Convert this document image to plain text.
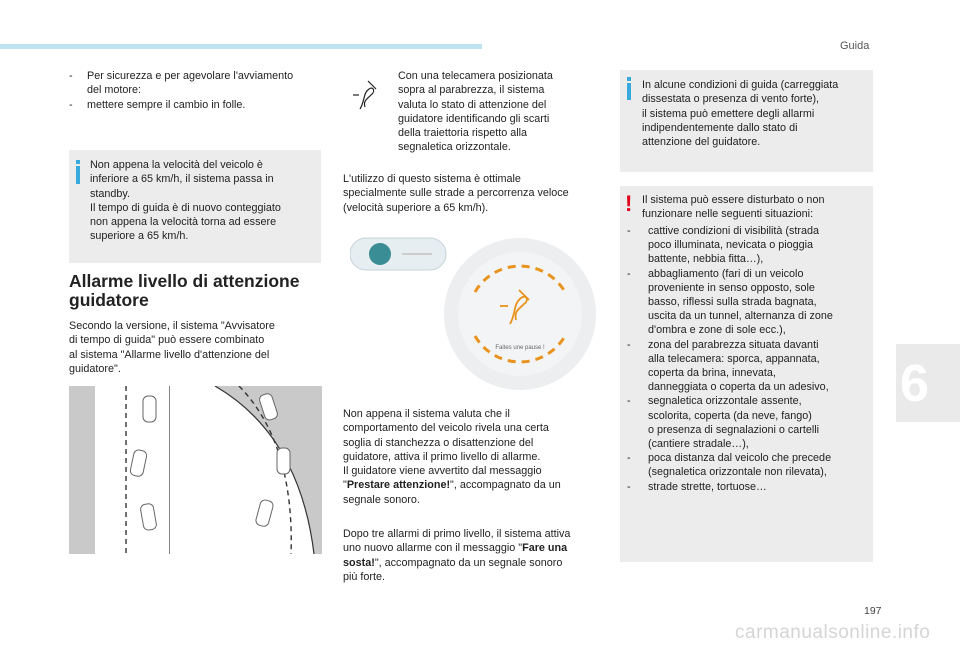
Guida
- Per sicurezza e per agevolare l'avviamento
del motore:
- mettere sempre il cambio in folle.
Non appena la velocità del veicolo è
inferiore a 65 km/h, il sistema passa in
standby.
Il tempo di guida è di nuovo conteggiato
non appena la velocità torna ad essere
superiore a 65 km/h.
Allarme livello di attenzione
guidatore
Secondo la versione, il sistema "Avvisatore
di tempo di guida" può essere combinato
al sistema "Allarme livello d'attenzione del
guidatore".
Con una telecamera posizionata
sopra al parabrezza, il sistema
valuta lo stato di attenzione del
guidatore identificando gli scarti
della traiettoria rispetto alla
segnaletica orizzontale.
L'utilizzo di questo sistema è ottimale
specialmente sulle strade a percorrenza veloce
(velocità superiore a 65 km/h).
Faites une pause !
Non appena il sistema valuta che il
comportamento del veicolo rivela una certa
soglia di stanchezza o disattenzione del
guidatore, attiva il primo livello di allarme.
Il guidatore viene avvertito dal messaggio
"Prestare attenzione!", accompagnato da un
segnale sonoro.
Dopo tre allarmi di primo livello, il sistema attiva
uno nuovo allarme con il messaggio "Fare una
sosta!", accompagnato da un segnale sonoro
più forte.
In alcune condizioni di guida (carreggiata
dissestata o presenza di vento forte),
il sistema può emettere degli allarmi
indipendentemente dallo stato di
attenzione del guidatore.
! Il sistema può essere disturbato o non
funzionare nelle seguenti situazioni:
- cattive condizioni di visibilità (strada
poco illuminata, nevicata o pioggia
battente, nebbia fitta…),
- abbagliamento (fari di un veicolo
proveniente in senso opposto, sole
basso, riflessi sulla strada bagnata,
uscita da un tunnel, alternanza di zone
d'ombra e zone di sole ecc.),
- zona del parabrezza situata davanti
alla telecamera: sporca, appannata,
coperta da brina, innevata,
danneggiata o coperta da un adesivo,
- segnaletica orizzontale assente,
scolorita, coperta (da neve, fango)
o presenza di segnalazioni o cartelli
(cantiere stradale…),
- poca distanza dal veicolo che precede
(segnaletica orizzontale non rilevata),
- strade strette, tortuose…
6
197
carmanualsonline.info
